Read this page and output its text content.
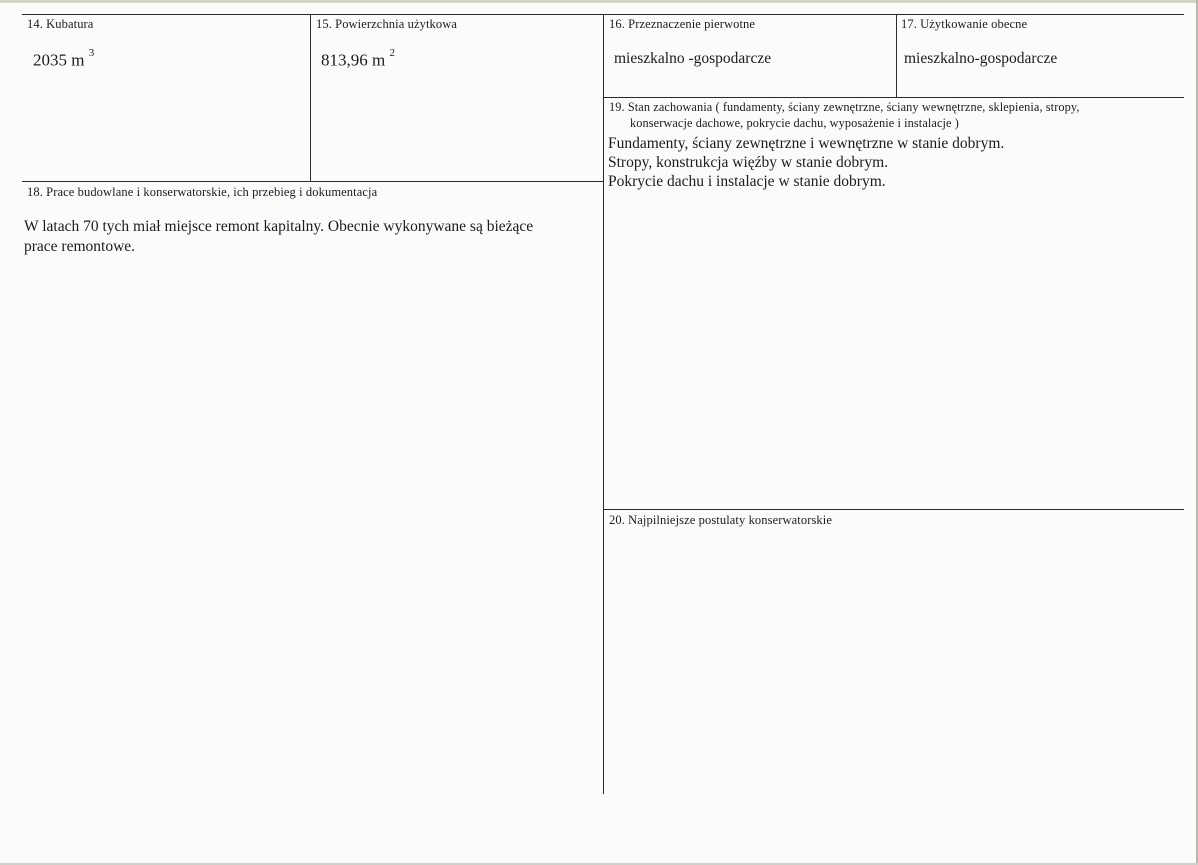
14. Kubatura
2035 m $^3$
15. Powierzchnia użytkowa
813,96 m $^2$
16. Przeznaczenie pierwotne
mieszkalno -gospodarcze
17. Użytkowanie obecne
mieszkalno-gospodarcze
19. Stan zachowania ( fundamenty, ściany zewnętrzne, ściany wewnętrzne, sklepienia, stropy,
konserwacje dachowe, pokrycie dachu, wyposażenie i instalacje )
Fundamenty, ściany zewnętrzne i wewnętrzne w stanie dobrym.
Stropy, konstrukcja więźby w stanie dobrym.
Pokrycie dachu i instalacje w stanie dobrym.
18. Prace budowlane i konserwatorskie, ich przebieg i dokumentacja
W latach 70 tych miał miejsce remont kapitalny. Obecnie wykonywane są bieżące
prace remontowe.
20. Najpilniejsze postulaty konserwatorskie
